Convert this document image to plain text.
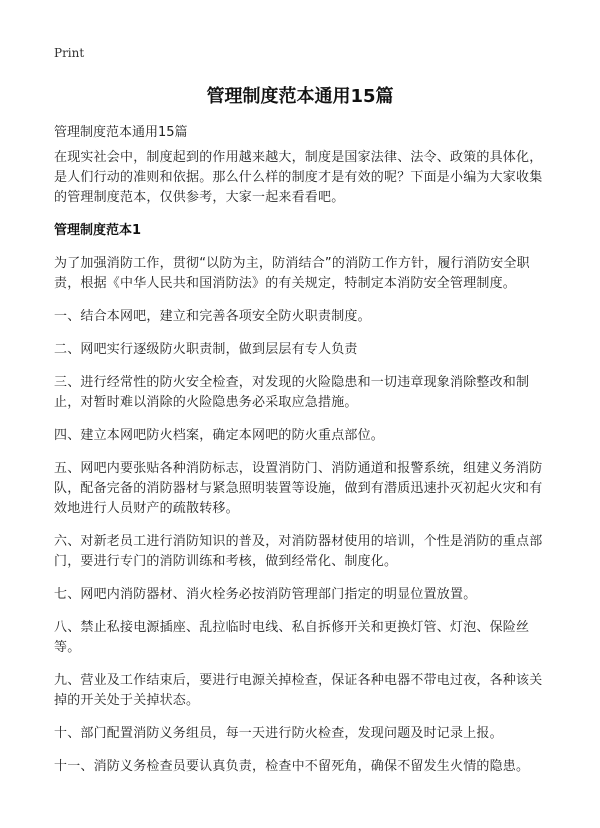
Print
管理制度范本通用15篇
管理制度范本通用15篇

在现实社会中，制度起到的作用越来越大，制度是国家法律、法令、政策的具体化，是人们行动的准则和依据。那么什么样的制度才是有效的呢？下面是小编为大家收集的管理制度范本，仅供参考，大家一起来看看吧。

管理制度范本1

为了加强消防工作，贯彻“以防为主，防消结合”的消防工作方针，履行消防安全职责，根据《中华人民共和国消防法》的有关规定，特制定本消防安全管理制度。

一、结合本网吧，建立和完善各项安全防火职责制度。

二、网吧实行逐级防火职责制，做到层层有专人负责

三、进行经常性的防火安全检查，对发现的火险隐患和一切违章现象消除整改和制止，对暂时难以消除的火险隐患务必采取应急措施。

四、建立本网吧防火档案，确定本网吧的防火重点部位。

五、网吧内要张贴各种消防标志，设置消防门、消防通道和报警系统，组建义务消防队，配备完备的消防器材与紧急照明装置等设施，做到有潜质迅速扑灭初起火灾和有效地进行人员财产的疏散转移。

六、对新老员工进行消防知识的普及，对消防器材使用的培训，个性是消防的重点部门，要进行专门的消防训练和考核，做到经常化、制度化。

七、网吧内消防器材、消火栓务必按消防管理部门指定的明显位置放置。

八、禁止私接电源插座、乱拉临时电线、私自拆修开关和更换灯管、灯泡、保险丝等。

九、营业及工作结束后，要进行电源关掉检查，保证各种电器不带电过夜，各种该关掉的开关处于关掉状态。

十、部门配置消防义务组员，每一天进行防火检查，发现问题及时记录上报。

十一、消防义务检查员要认真负责，检查中不留死角，确保不留发生火情的隐患。
